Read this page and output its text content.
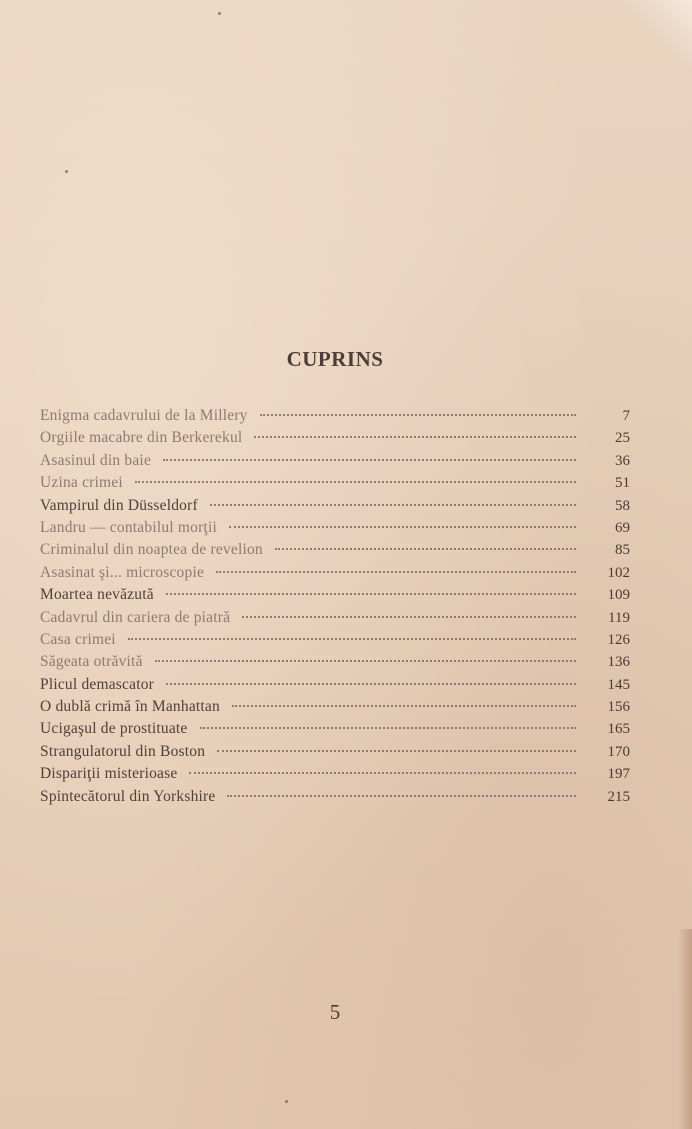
CUPRINS
Enigma cadavrului de la Millery	7
Orgiile macabre din Berkerekul	25
Asasinul din baie	36
Uzina crimei	51
Vampirul din Düsseldorf	58
Landru — contabilul morţii	69
Criminalul din noaptea de revelion	85
Asasinat şi... microscopie	102
Moartea nevăzută	109
Cadavrul din cariera de piatră	119
Casa crimei	126
Săgeata otrăvită	136
Plicul demascator	145
O dublă crimă în Manhattan	156
Ucigaşul de prostituate	165
Strangulatorul din Boston	170
Dispariţii misterioase	197
Spintecătorul din Yorkshire	215
5
